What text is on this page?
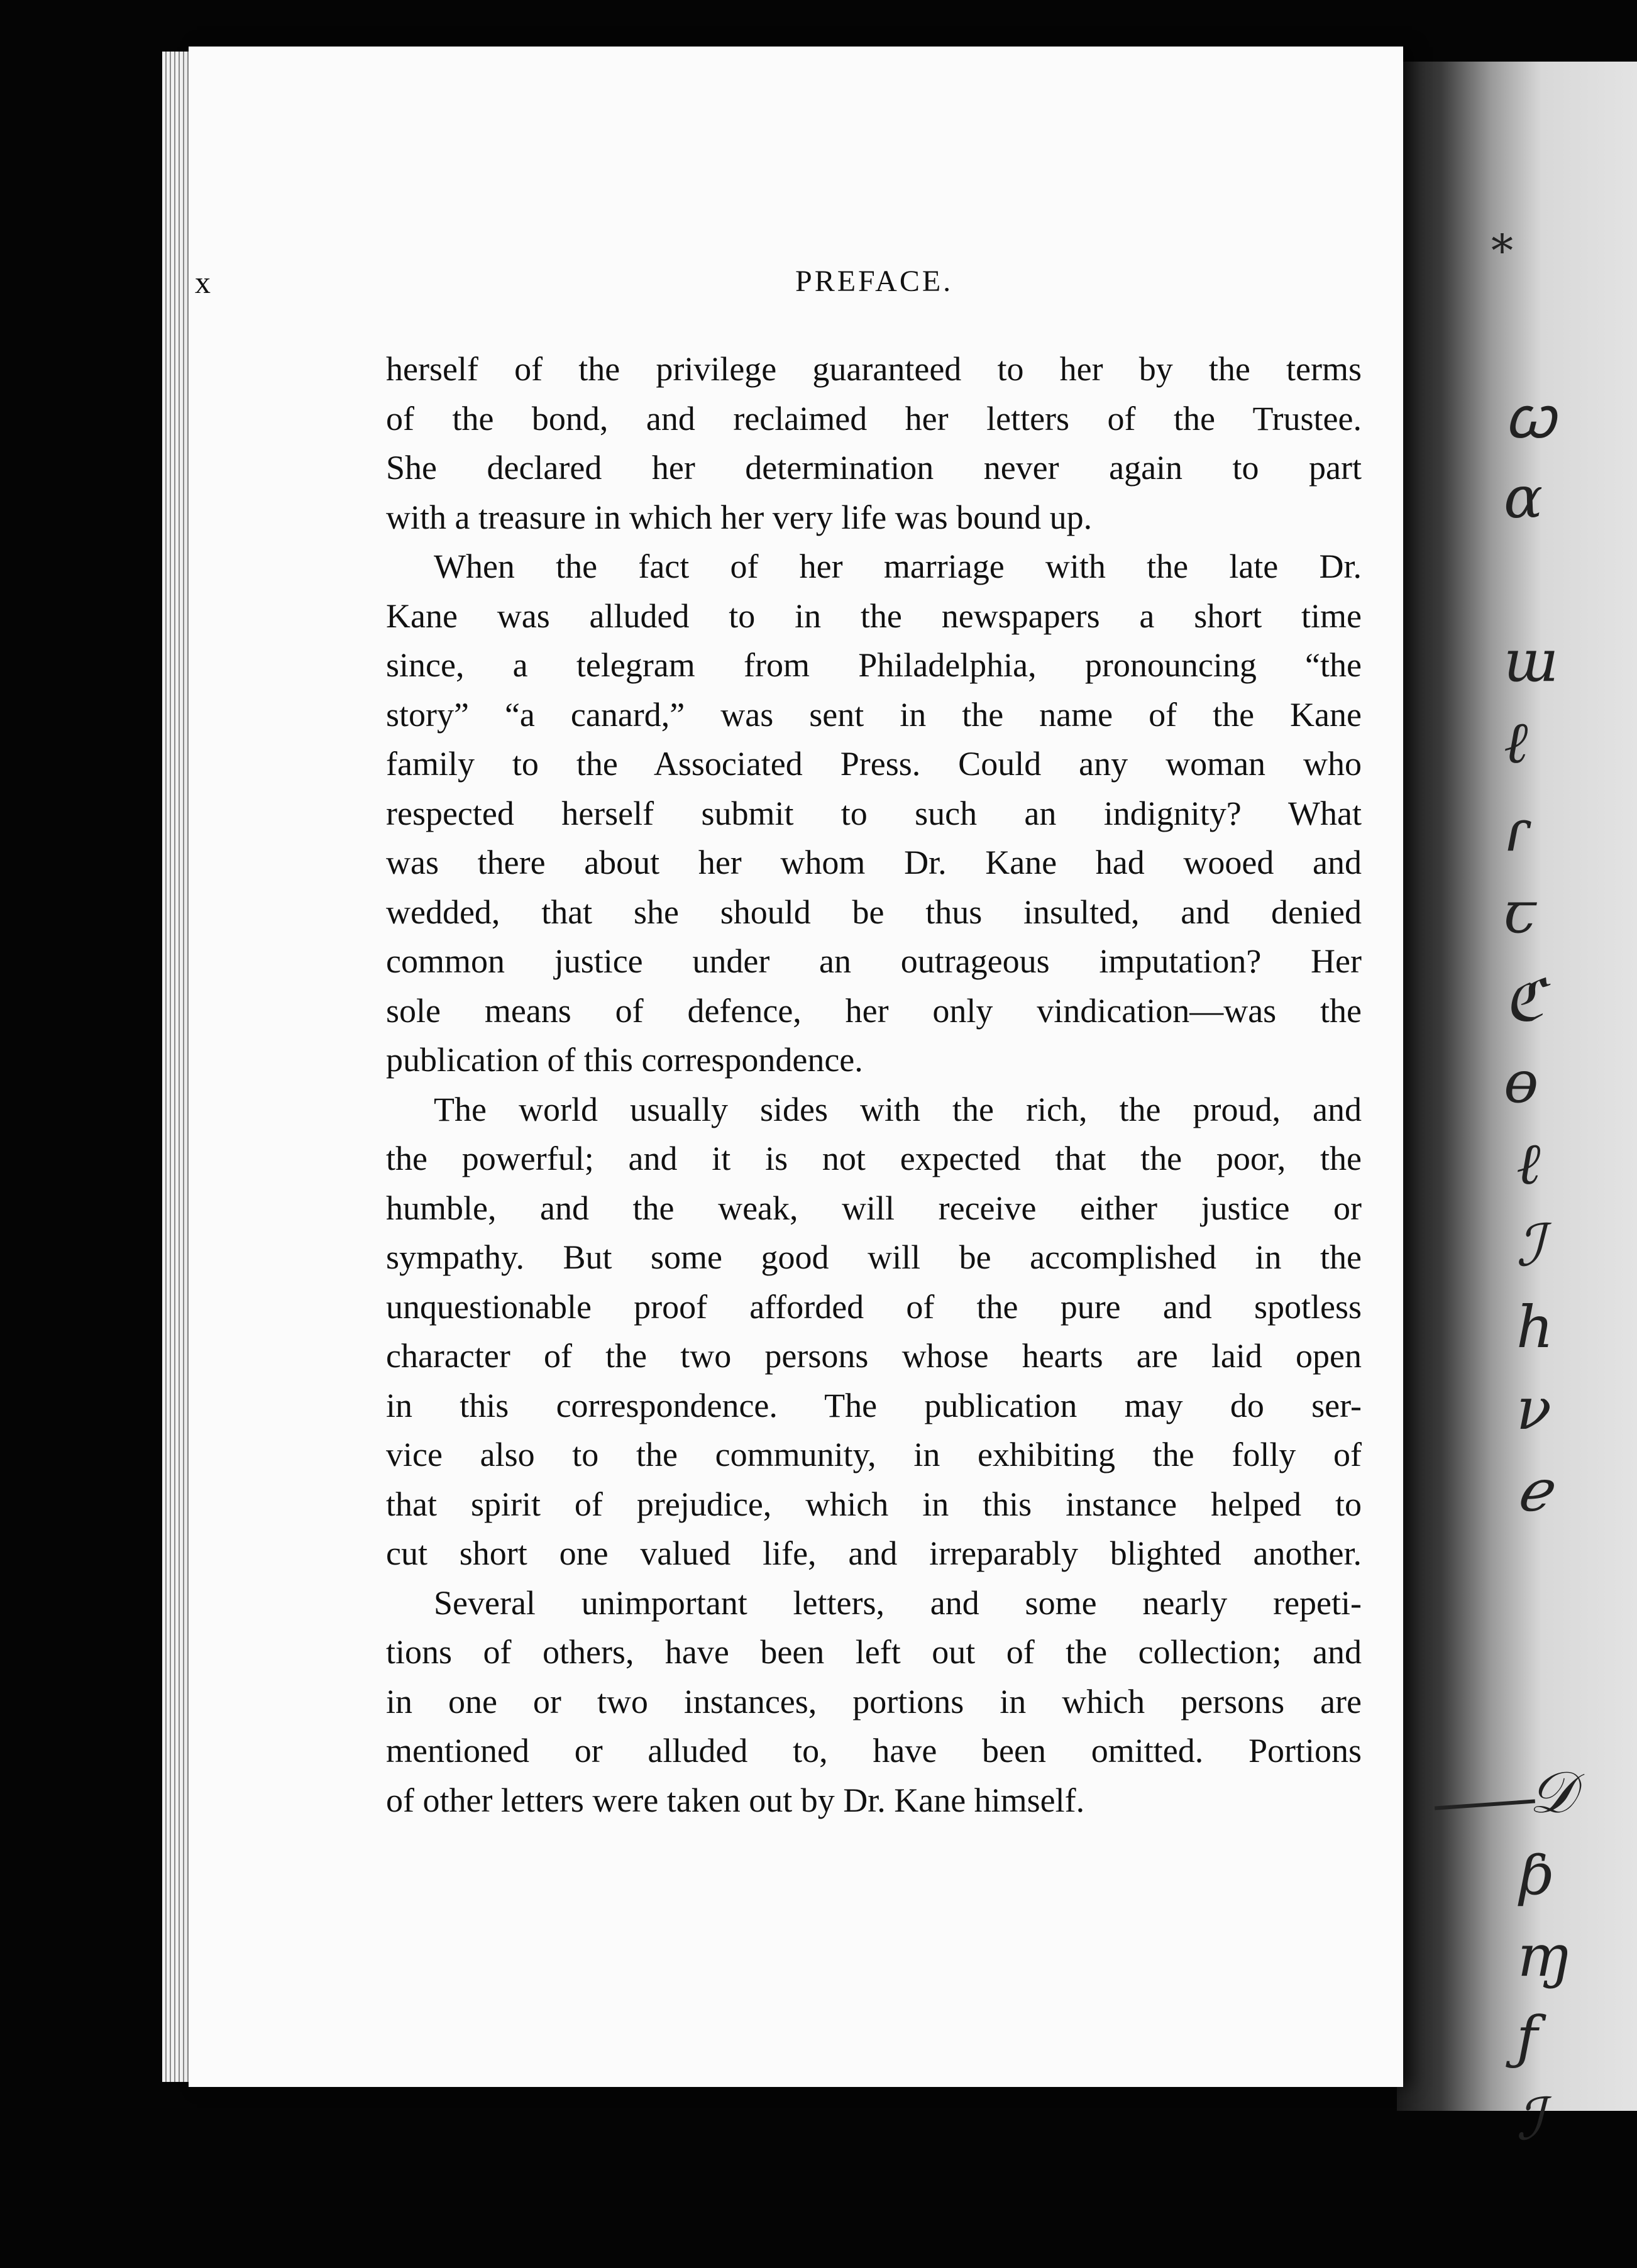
*
ꞷ
ɑ
ɯ
ℓ
ɾ
ꞇ
ℭ
ɵ
ℓ
ℐ
ℎ
ν
ℯ
𝒟
ƥ
ɱ
ƒ
ℐ
x	PREFACE.
herself of the privilege guaranteed to her by the terms
of the bond, and reclaimed her letters of the Trustee.
She declared her determination never again to part
with a treasure in which her very life was bound up.
When the fact of her marriage with the late Dr.
Kane was alluded to in the newspapers a short time
since, a telegram from Philadelphia, pronouncing “the
story” “a canard,” was sent in the name of the Kane
family to the Associated Press. Could any woman who
respected herself submit to such an indignity? What
was there about her whom Dr. Kane had wooed and
wedded, that she should be thus insulted, and denied
common justice under an outrageous imputation? Her
sole means of defence, her only vindication—was the
publication of this correspondence.
The world usually sides with the rich, the proud, and
the powerful; and it is not expected that the poor, the
humble, and the weak, will receive either justice or
sympathy. But some good will be accomplished in the
unquestionable proof afforded of the pure and spotless
character of the two persons whose hearts are laid open
in this correspondence. The publication may do ser-
vice also to the community, in exhibiting the folly of
that spirit of prejudice, which in this instance helped to
cut short one valued life, and irreparably blighted another.
Several unimportant letters, and some nearly repeti-
tions of others, have been left out of the collection; and
in one or two instances, portions in which persons are
mentioned or alluded to, have been omitted. Portions
of other letters were taken out by Dr. Kane himself.
